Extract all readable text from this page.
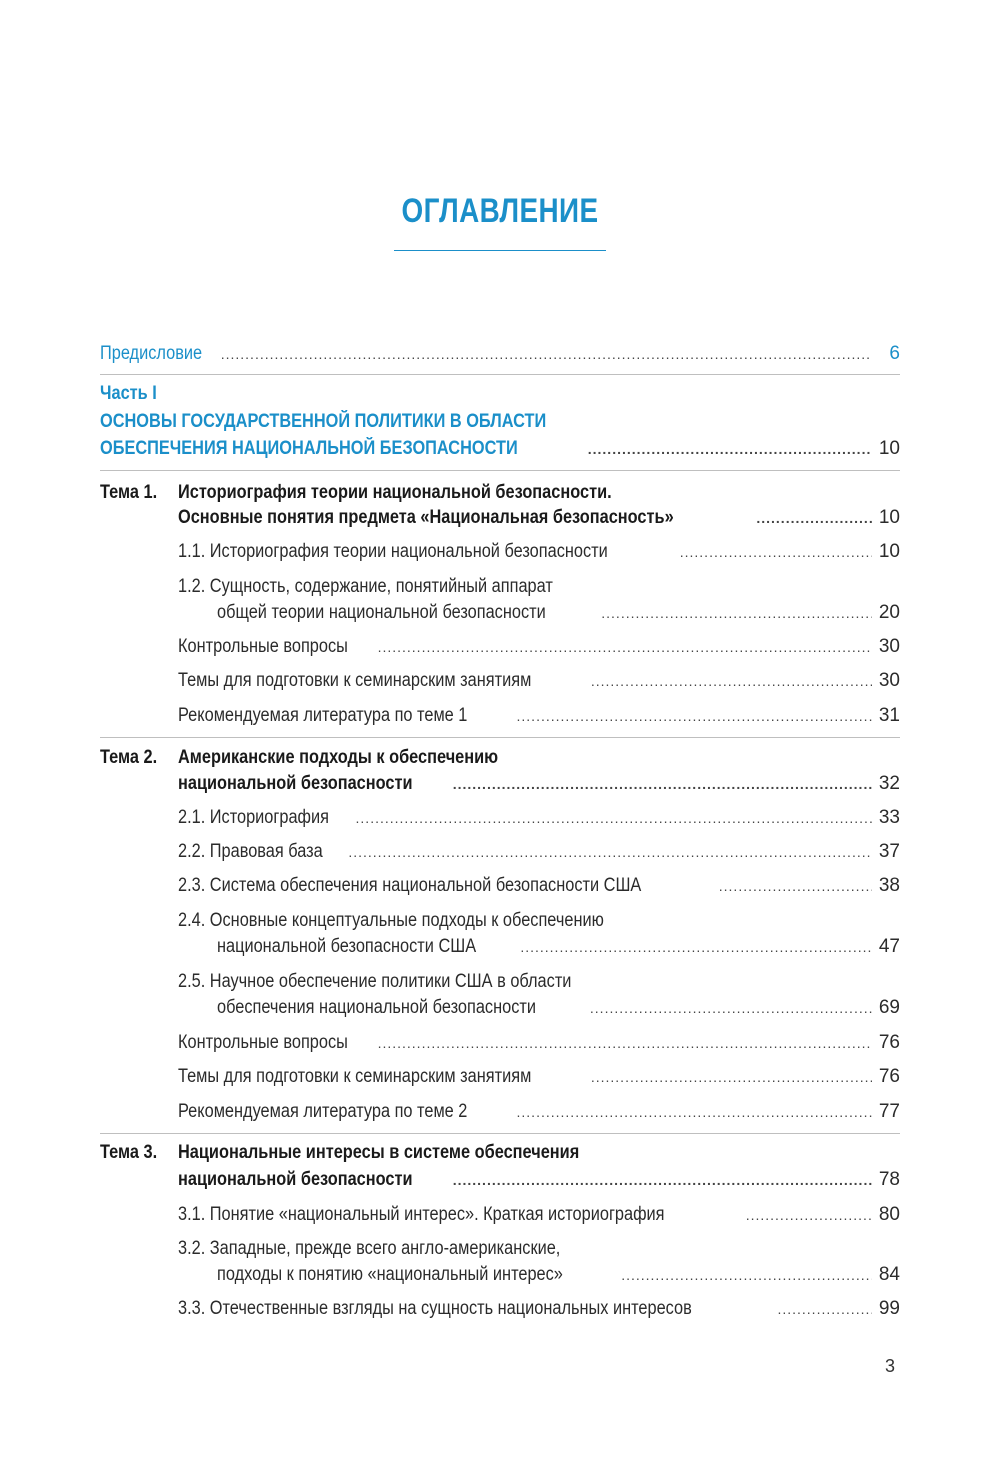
ОГЛАВЛЕНИЕ
Предисловие .....	6
Часть I
ОСНОВЫ ГОСУДАРСТВЕННОЙ ПОЛИТИКИ В ОБЛАСТИ
ОБЕСПЕЧЕНИЯ НАЦИОНАЛЬНОЙ БЕЗОПАСНОСТИ .....	10
Тема 1.	Историография теории национальной безопасности.
Основные понятия предмета «Национальная безопасность» .....	10
1.1. Историография теории национальной безопасности .....	10
1.2. Сущность, содержание, понятийный аппарат
общей теории национальной безопасности .....	20
Контрольные вопросы .....	30
Темы для подготовки к семинарским занятиям .....	30
Рекомендуемая литература по теме 1 .....	31
Тема 2.	Американские подходы к обеспечению
национальной безопасности .....	32
2.1. Историография .....	33
2.2. Правовая база .....	37
2.3. Система обеспечения национальной безопасности США .....	38
2.4. Основные концептуальные подходы к обеспечению
национальной безопасности США .....	47
2.5. Научное обеспечение политики США в области
обеспечения национальной безопасности .....	69
Контрольные вопросы .....	76
Темы для подготовки к семинарским занятиям .....	76
Рекомендуемая литература по теме 2 .....	77
Тема 3.	Национальные интересы в системе обеспечения
национальной безопасности .....	78
3.1. Понятие «национальный интерес». Краткая историография .....	80
3.2. Западные, прежде всего англо-американские,
подходы к понятию «национальный интерес» .....	84
3.3. Отечественные взгляды на сущность национальных интересов .....	99
3
